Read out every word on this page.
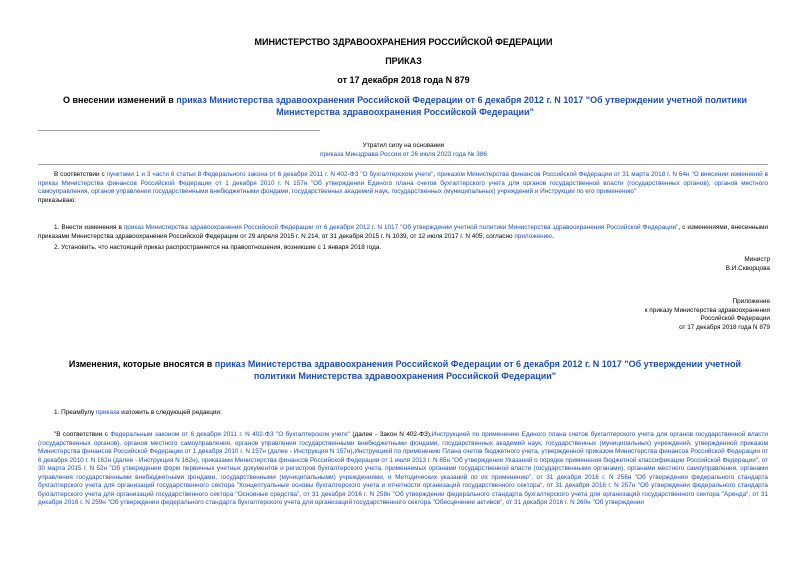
МИНИСТЕРСТВО ЗДРАВООХРАНЕНИЯ РОССИЙСКОЙ ФЕДЕРАЦИИ
ПРИКАЗ
от 17 декабря 2018 года N 879
О внесении изменений в приказ Министерства здравоохранения Российской Федерации от 6 декабря 2012 г. N 1017 "Об утверждении учетной политики Министерства здравоохранения Российской Федерации"
Утратил силу на основании
приказа Минздрава России от 26 июля 2023 года № 386

В соответствии с пунктами 1 и 3 части 6 статьи 8 Федерального закона от 6 декабря 2011 г. N 402-ФЗ "О бухгалтерском учете", приказом Министерства финансов Российской Федерации от 31 марта 2018 г. N 64н "О внесении изменений в приказ Министерства финансов Российской Федерации от 1 декабря 2010 г. N 157н "Об утверждении Единого плана счетов бухгалтерского учета для органов государственной власти (государственных органов), органов местного самоуправления, органов управления государственными внебюджетными фондами, государственных академий наук, государственных (муниципальных) учреждений и Инструкции по его применению"

приказываю:

1. Внести изменения в приказ Министерства здравоохранения Российской Федерации от 6 декабря 2012 г. N 1017 "Об утверждении учетной политики Министерства здравоохранения Российской Федерации", с изменениями, внесенными приказами Министерства здравоохранения Российской Федерации от 29 апреля 2015 г. N 214, от 31 декабря 2015 г. N 1039, от 12 июля 2017 г. N 405, согласно приложению.

2. Установить, что настоящий приказ распространяется на правоотношения, возникшие с 1 января 2018 года.
Министр
В.И.Скворцова
Приложение
к приказу Министерства здравоохранения
Российской Федерации
от 17 декабря 2018 года N 879
Изменения, которые вносятся в приказ Министерства здравоохранения Российской Федерации от 6 декабря 2012 г. N 1017 "Об утверждении учетной политики Министерства здравоохранения Российской Федерации"
1. Преамбулу приказа изложить в следующей редакции:

"В соответствии с Федеральным законом от 6 декабря 2011 г. N 402-ФЗ "О бухгалтерском учете" (далее - Закон N 402-ФЗ),Инструкцией по применению Единого плана счетов бухгалтерского учета для органов государственной власти (государственных органов), органов местного самоуправления, органов управления государственными внебюджетными фондами, государственных академий наук, государственных (муниципальных) учреждений, утвержденной приказом Министерства финансов Российской Федерации от 1 декабря 2010 г. N 157н (далее - Инструкция N 157н),Инструкцией по применению Плана счетов бюджетного учета, утвержденной приказом Министерства финансов Российской Федерации от 6 декабря 2010 г. N 162н (далее - Инструкция N 162н), приказами Министерства финансов Российской Федерации от 1 июля 2013 г. N 65н "Об утверждении Указаний о порядке применения бюджетной классификации Российской Федерации", от 30 марта 2015 г. N 52н "Об утверждении форм первичных учетных документов и регистров бухгалтерского учета, применяемых органами государственной власти (государственными органами), органами местного самоуправления, органами управления государственными внебюджетными фондами, государственными (муниципальными) учреждениями, и Методических указаний по их применению", от 31 декабря 2016 г. N 256н "Об утверждении федерального стандарта бухгалтерского учета для организаций государственного сектора "Концептуальные основы бухгалтерского учета и отчетности организаций государственного сектора", от 31 декабря 2016 г. N 257н "Об утверждении федерального стандарта бухгалтерского учета для организаций государственного сектора "Основные средства", от 31 декабря 2016 г. N 258н "Об утверждении федерального стандарта бухгалтерского учета для организаций государственного сектора "Аренда", от 31 декабря 2016 г. N 259н "Об утверждении федерального стандарта бухгалтерского учета для организаций государственного сектора "Обесценение активов", от 31 декабря 2016 г. N 260н "Об утверждении
